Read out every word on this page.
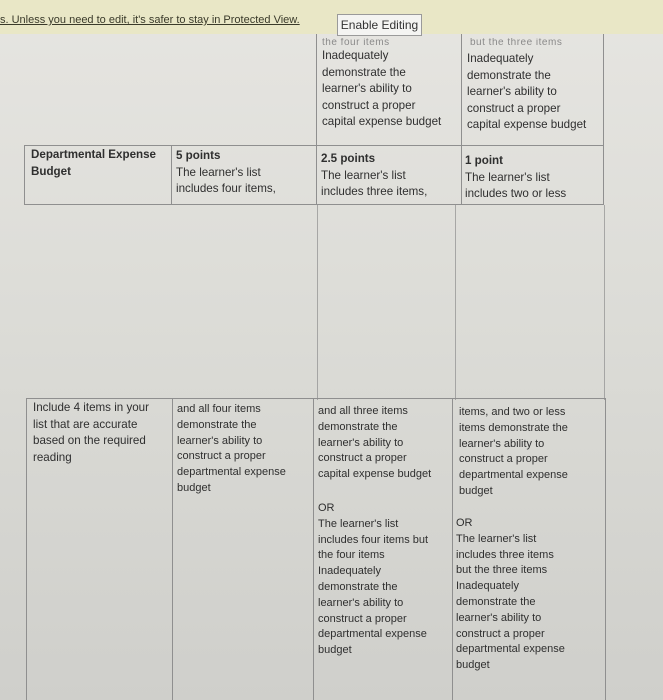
s. Unless you need to edit, it's safer to stay in Protected View.	Enable Editing
the four items	but the three items
Inadequately
demonstrate the
learner's ability to
construct a proper
capital expense budget
Inadequately
demonstrate the
learner's ability to
construct a proper
capital expense budget
Departmental Expense
Budget
5 points
The learner's list
includes four items,
2.5 points
The learner's list
includes three items,
1 point
The learner's list
includes two or less
Include 4 items in your
list that are accurate
based on the required
reading
and all four items
demonstrate the
learner's ability to
construct a proper
departmental expense
budget
and all three items
demonstrate the
learner's ability to
construct a proper
capital expense budget
OR
The learner's list
includes four items but
the four items
Inadequately
demonstrate the
learner's ability to
construct a proper
departmental expense
budget
items, and two or less
items demonstrate the
learner's ability to
construct a proper
departmental expense
budget
OR
The learner's list
includes three items
but the three items
Inadequately
demonstrate the
learner's ability to
construct a proper
departmental expense
budget
